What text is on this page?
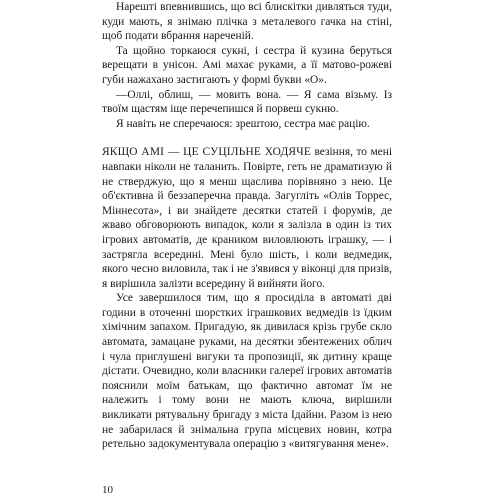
Нарешті впевнившись, що всі блискітки дивляться туди, куди мають, я знімаю плічка з металевого гачка на стіні, щоб подати вбрання нареченій.

Та щойно торкаюся сукні, і сестра й кузина беруться верещати в унісон. Амі махає руками, а її матово-рожеві губи нажахано застигають у формі букви «О».

—Оллі, облиш, — мовить вона. — Я сама візьму. Із твоїм щастям іще перечепишся й порвеш сукню.

Я навіть не сперечаюся: зрештою, сестра має рацію.

ЯКЩО АМІ — ЦЕ СУЦІЛЬНЕ ХОДЯЧЕ везіння, то мені навпаки ніколи не таланить. Повірте, геть не драматизую й не стверджую, що я менш щаслива порівняно з нею. Це об'єктивна й беззаперечна правда. Загугліть «Олів Торрес, Міннесота», і ви знайдете десятки статей і форумів, де жваво обговорюють випадок, коли я залізла в один із тих ігрових автоматів, де краником виловлюють іграшку, — і застрягла всередині. Мені було шість, і коли ведмедик, якого чесно виловила, так і не з'явився у віконці для призів, я вирішила залізти всередину й вийняти його.

Усе завершилося тим, що я просиділа в автоматі дві години в оточенні шорстких іграшкових ведмедів із їдким хімічним запахом. Пригадую, як дивилася крізь грубе скло автомата, замацане руками, на десятки збентежених облич і чула приглушені вигуки та пропозиції, як дитину краще дістати. Очевидно, коли власники галереї ігрових автоматів пояснили моїм батькам, що фактично автомат їм не належить і тому вони не мають ключа, вирішили викликати рятувальну бригаду з міста Ідайни. Разом із нею не забарилася й знімальна група місцевих новин, котра ретельно задокументувала операцію з «витягування мене».

10
